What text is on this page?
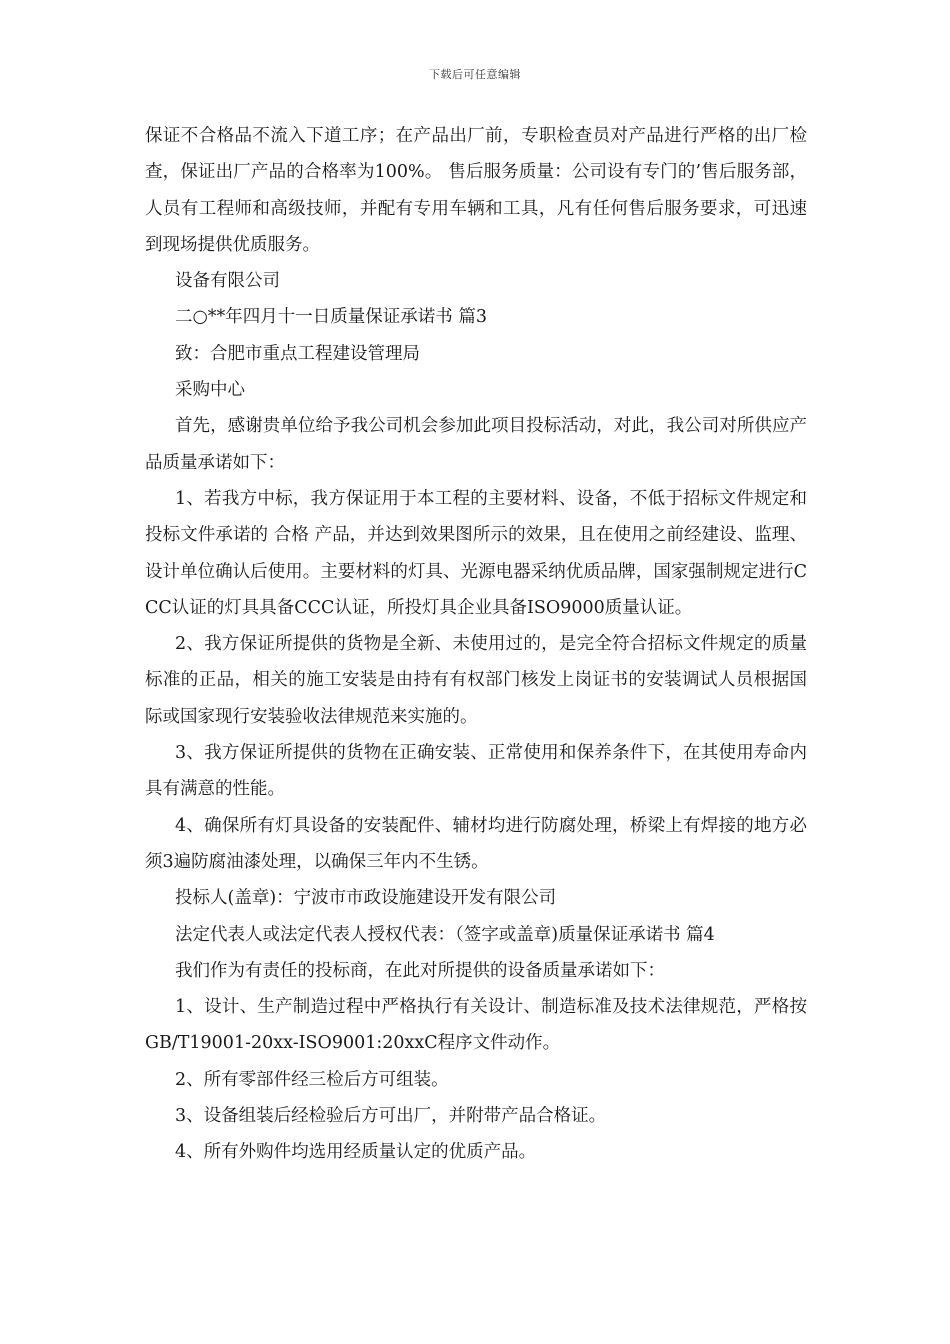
下载后可任意编辑

保证不合格品不流入下道工序；在产品出厂前，专职检查员对产品进行严格的出厂检查，保证出厂产品的合格率为100%。 售后服务质量：公司设有专门的’售后服务部，人员有工程师和高级技师，并配有专用车辆和工具，凡有任何售后服务要求，可迅速到现场提供优质服务。

设备有限公司

二○**年四月十一日质量保证承诺书 篇3

致：合肥市重点工程建设管理局

采购中心

首先，感谢贵单位给予我公司机会参加此项目投标活动，对此，我公司对所供应产品质量承诺如下：

1、若我方中标，我方保证用于本工程的主要材料、设备，不低于招标文件规定和投标文件承诺的 合格 产品，并达到效果图所示的效果，且在使用之前经建设、监理、设计单位确认后使用。主要材料的灯具、光源电器采纳优质品牌，国家强制规定进行CCC认证的灯具具备CCC认证，所投灯具企业具备ISO9000质量认证。

2、我方保证所提供的货物是全新、未使用过的，是完全符合招标文件规定的质量标准的正品，相关的施工安装是由持有有权部门核发上岗证书的安装调试人员根据国际或国家现行安装验收法律规范来实施的。

3、我方保证所提供的货物在正确安装、正常使用和保养条件下，在其使用寿命内具有满意的性能。

4、确保所有灯具设备的安装配件、辅材均进行防腐处理，桥梁上有焊接的地方必须3遍防腐油漆处理，以确保三年内不生锈。

投标人(盖章)：宁波市市政设施建设开发有限公司

法定代表人或法定代表人授权代表：（签字或盖章)质量保证承诺书 篇4

我们作为有责任的投标商，在此对所提供的设备质量承诺如下：

1、设计、生产制造过程中严格执行有关设计、制造标准及技术法律规范，严格按GB/T19001-20xx-ISO9001:20xxC程序文件动作。

2、所有零部件经三检后方可组装。

3、设备组装后经检验后方可出厂，并附带产品合格证。

4、所有外购件均选用经质量认定的优质产品。
